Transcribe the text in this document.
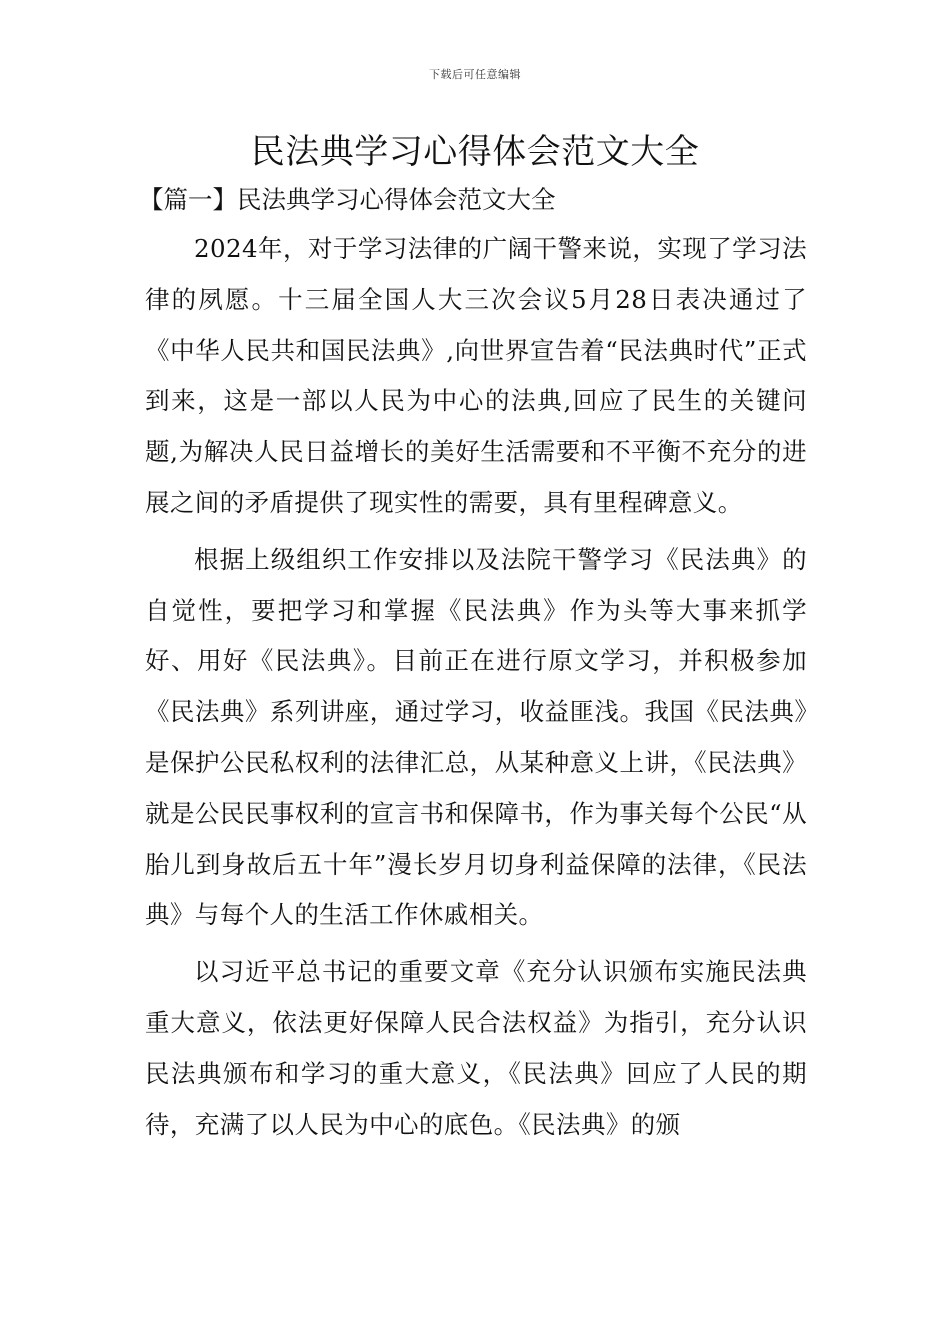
下载后可任意编辑
民法典学习心得体会范文大全
【篇一】民法典学习心得体会范文大全

2024年，对于学习法律的广阔干警来说，实现了学习法律的夙愿。十三届全国人大三次会议5月28日表决通过了《中华人民共和国民法典》,向世界宣告着“民法典时代”正式到来，这是一部以人民为中心的法典,回应了民生的关键问题,为解决人民日益增长的美好生活需要和不平衡不充分的进展之间的矛盾提供了现实性的需要，具有里程碑意义。

根据上级组织工作安排以及法院干警学习《民法典》的自觉性，要把学习和掌握《民法典》作为头等大事来抓学好、用好《民法典》。目前正在进行原文学习，并积极参加《民法典》系列讲座，通过学习，收益匪浅。我国《民法典》是保护公民私权利的法律汇总，从某种意义上讲，《民法典》就是公民民事权利的宣言书和保障书，作为事关每个公民“从胎儿到身故后五十年”漫长岁月切身利益保障的法律，《民法典》与每个人的生活工作休戚相关。

以习近平总书记的重要文章《充分认识颁布实施民法典重大意义，依法更好保障人民合法权益》为指引，充分认识民法典颁布和学习的重大意义，《民法典》回应了人民的期待，充满了以人民为中心的底色。《民法典》的颁
